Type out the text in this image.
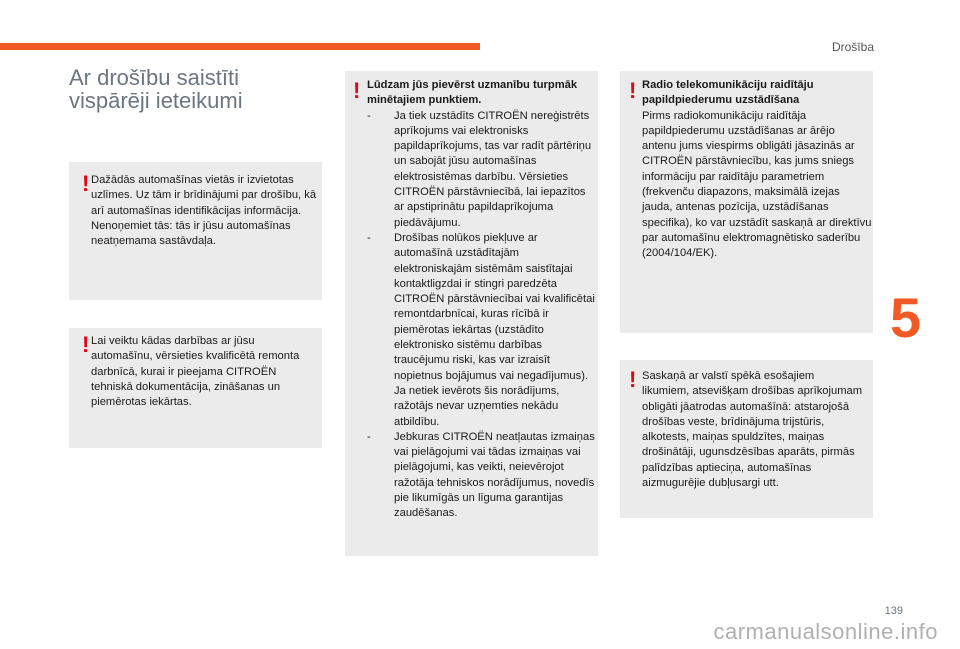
Drošība
Ar drošību saistīti
vispārēji ieteikumi
! Dažādās automašīnas vietās ir izvietotas uzlīmes. Uz tām ir brīdinājumi par drošību, kā arī automašīnas identifikācijas informācija. Nenoņemiet tās: tās ir jūsu automašīnas neatņemama sastāvdaļa.
! Lai veiktu kādas darbības ar jūsu automašīnu, vērsieties kvalificētā remonta darbnīcā, kurai ir pieejama CITROËN tehniskā dokumentācija, zināšanas un piemērotas iekārtas.
! Lūdzam jūs pievērst uzmanību turpmāk minētajiem punktiem.
- Ja tiek uzstādīts CITROËN nereģistrēts aprīkojums vai elektronisks papildaprīkojums, tas var radīt pārtēriņu un sabojāt jūsu automašīnas elektrosistēmas darbību. Vērsieties CITROËN pārstāvniecībā, lai iepazītos ar apstiprinātu papildaprīkojuma piedāvājumu.
- Drošības nolūkos piekļuve ar automašīnā uzstādītajām elektroniskajām sistēmām saistītajai kontaktligzdai ir stingri paredzēta CITROËN pārstāvniecībai vai kvalificētai remontdarbnīcai, kuras rīcībā ir piemērotas iekārtas (uzstādīto elektronisko sistēmu darbības traucējumu riski, kas var izraisīt nopietnus bojājumus vai negadījumus). Ja netiek ievērots šis norādījums, ražotājs nevar uzņemties nekādu atbildību.
- Jebkuras CITROËN neatļautas izmaiņas vai pielāgojumi vai tādas izmaiņas vai pielāgojumi, kas veikti, neievērojot ražotāja tehniskos norādījumus, novedīs pie likumīgās un līguma garantijas zaudēšanas.
! Radio telekomunikāciju raidītāju papildpiederumu uzstādīšana
Pirms radiokomunikāciju raidītāja papildpiederumu uzstādīšanas ar ārējo antenu jums viespirms obligāti jāsazinās ar CITROËN pārstāvniecību, kas jums sniegs informāciju par raidītāju parametriem (frekvenču diapazons, maksimālā izejas jauda, antenas pozīcija, uzstādīšanas specifika), ko var uzstādīt saskaņā ar direktīvu par automašīnu elektromagnētisko saderību (2004/104/EK).
! Saskaņā ar valstī spēkā esošajiem likumiem, atsevišķam drošības aprīkojumam obligāti jāatrodas automašīnā: atstarojošā drošības veste, brīdinājuma trijstūris, alkotests, maiņas spuldzītes, maiņas drošinātāji, ugunsdzēsības aparāts, pirmās palīdzības aptieciņa, automašīnas aizmugurējie dubļusargi utt.
5
139
carmanualsonline.info
